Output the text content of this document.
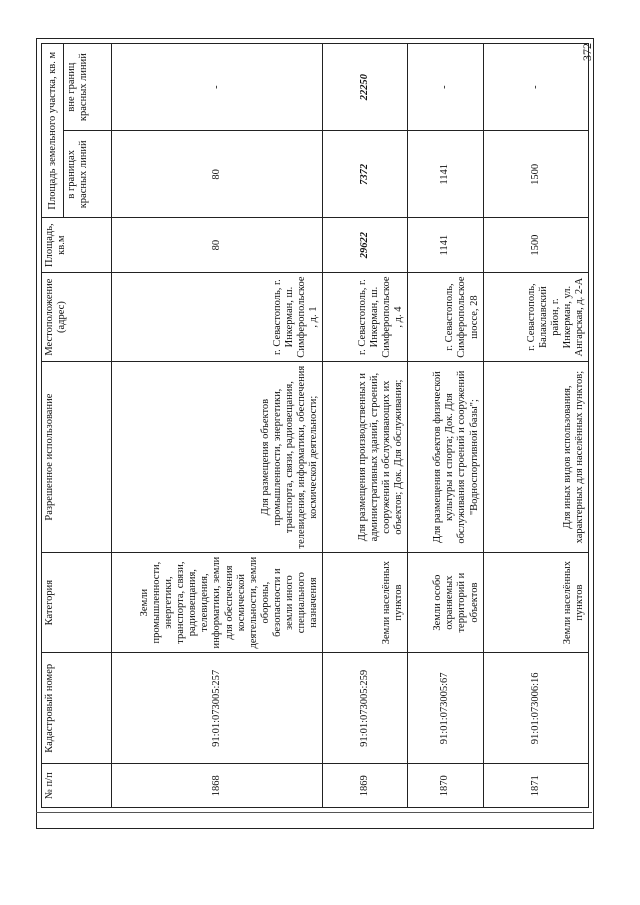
372
№ п/п	Кадастровый номер	Категория	Разрешенное использование	Местоположение (адрес)	Площадь, кв.м	Площадь земельного участка, кв. м	
						в границах красных линий	вне границ красных линий
1868	91:01:073005:257	Земли промышленности, энергетики, транспорта, связи, радиовещания, телевидения, информатики, земли для обеспечения космической деятельности, земли обороны, безопасности и земли иного специального назначения	Для размещения объектов промышленности, энергетики, транспорта, связи, радиовещания, телевидения, информатики, обеспечения космической деятельности;	г. Севастополь, г. Инкерман, ш. Симферопольское, д. 1	80	80	-
1869	91:01:073005:259	Земли населённых пунктов	Для размещения производственных и административных зданий, строений, сооружений и обслуживающих их объектов; Док. Для обслуживания;	г. Севастополь, г. Инкерман, ш. Симферопольское, д. 4	29622	7372	22250
1870	91:01:073005:67	Земли особо охраняемых территорий и объектов	Для размещения объектов физической культуры и спорта; Док. Для обслуживания строений и сооружений "Водноспортивной базы";	г. Севастополь, Симферопольское шоссе, 28	1141	1141	-
1871	91:01:073006:16	Земли населённых пунктов	Для иных видов использования, характерных для населённых пунктов;	г. Севастополь, Балаклавский район, г. Инкерман, ул. Ангарская, д. 2-А	1500	1500	-
